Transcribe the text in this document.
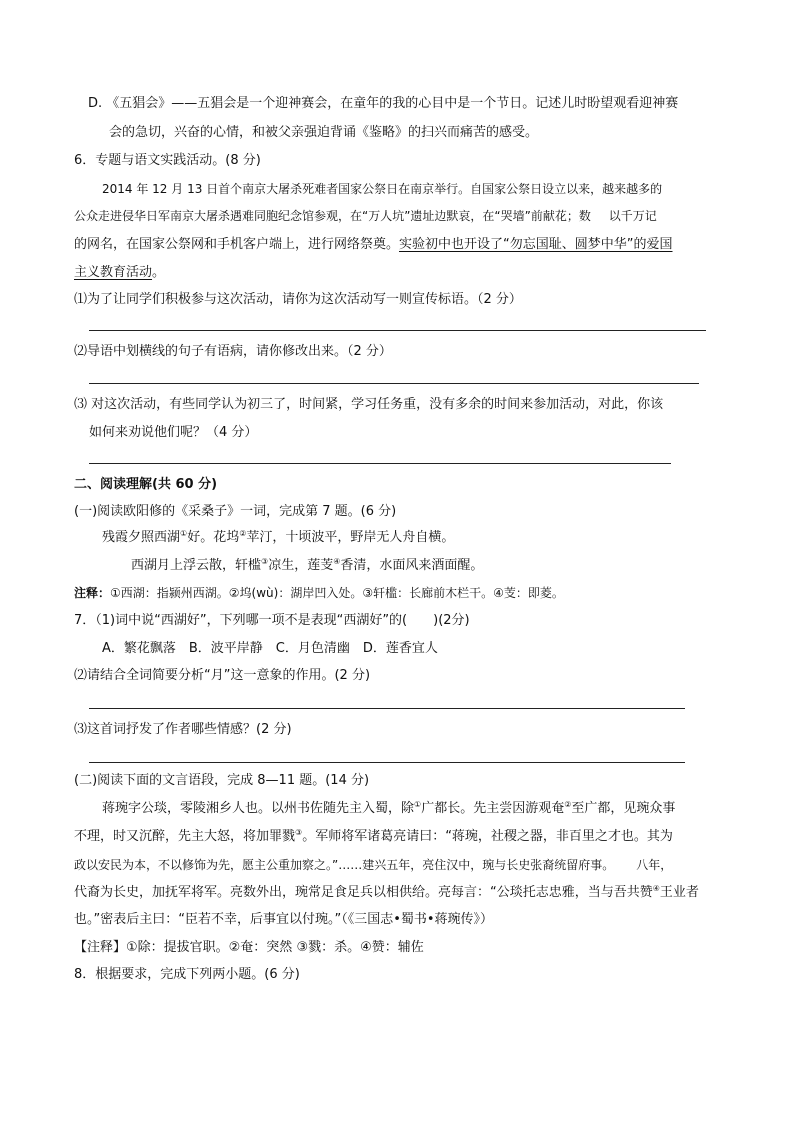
D. 《五猖会》——五猖会是一个迎神赛会，在童年的我的心目中是一个节日。记述儿时盼望观看迎神赛
会的急切，兴奋的心情，和被父亲强迫背诵《鉴略》的扫兴而痛苦的感受。
6．专题与语文实践活动。(8 分)
2014 年 12 月 13 日首个南京大屠杀死难者国家公祭日在南京举行。自国家公祭日设立以来，越来越多的
公众走进侵华日军南京大屠杀遇难同胞纪念馆参观，在“万人坑”遗址边默哀，在“哭墙”前献花；数 以千万记
的网名，在国家公祭网和手机客户端上，进行网络祭奠。实验初中也开设了“勿忘国耻、圆梦中华”的爱国
主义教育活动。
⑴为了让同学们积极参与这次活动，请你为这次活动写一则宣传标语。（2 分）
⑵导语中划横线的句子有语病，请你修改出来。（2 分）
⑶ 对这次活动，有些同学认为初三了，时间紧，学习任务重，没有多余的时间来参加活动，对此，你该
如何来劝说他们呢？（4 分）
二、阅读理解(共 60 分)
(一)阅读欧阳修的《采桑子》一词，完成第 7 题。(6 分)
残霞夕照西湖①好。花坞②苹汀，十顷波平，野岸无人舟自横。
西湖月上浮云散，轩槛③凉生，莲芰④香清，水面风来酒面醒。
注释：①西湖：指颍州西湖。②坞(wù)：湖岸凹入处。③轩槛：长廊前木栏干。④芰：即菱。
7．（1)词中说“西湖好”，下列哪一项不是表现“西湖好”的(　　)(2分)
A．繁花飘落　B．波平岸静　C．月色清幽　D．莲香宜人
⑵请结合全词简要分析“月”这一意象的作用。(2 分)
⑶这首词抒发了作者哪些情感？(2 分)
(二)阅读下面的文言语段，完成 8—11 题。(14 分)
蒋琬字公琰，零陵湘乡人也。以州书佐随先主入蜀，除①广都长。先主尝因游观奄②至广都，见琬众事
不理，时又沉醉，先主大怒，将加罪戮③。军师将军诸葛亮请曰：“蒋琬，社稷之器，非百里之才也。其为
政以安民为本，不以修饰为先，愿主公重加察之。”……建兴五年，亮住汉中，琬与长史张裔统留府事。 八年，
代裔为长史，加抚军将军。亮数外出，琬常足食足兵以相供给。亮每言：“公琰托志忠雅，当与吾共赞④王业者
也。”密表后主曰：“臣若不幸，后事宜以付琬。”（《三国志•蜀书•蒋琬传》）
【注释】①除：提拔官职。②奄：突然 ③戮：杀。④赞：辅佐
8．根据要求，完成下列两小题。(6 分)
